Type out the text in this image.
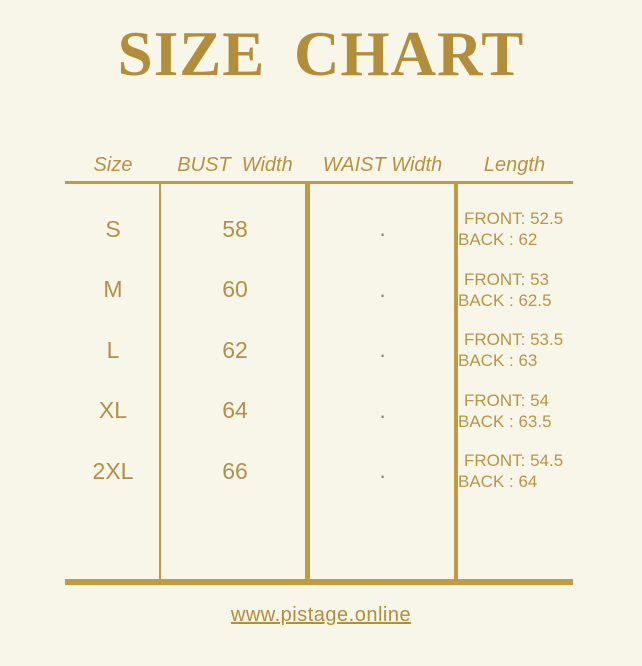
SIZE CHART
Size	BUST  Width	WAIST Width	Length
S	58	.	FRONT: 52.5
BACK : 62
M	60	.	FRONT: 53
BACK : 62.5
L	62	.	FRONT: 53.5
BACK : 63
XL	64	.	FRONT: 54
BACK : 63.5
2XL	66	.	FRONT: 54.5
BACK : 64
www.pistage.online
